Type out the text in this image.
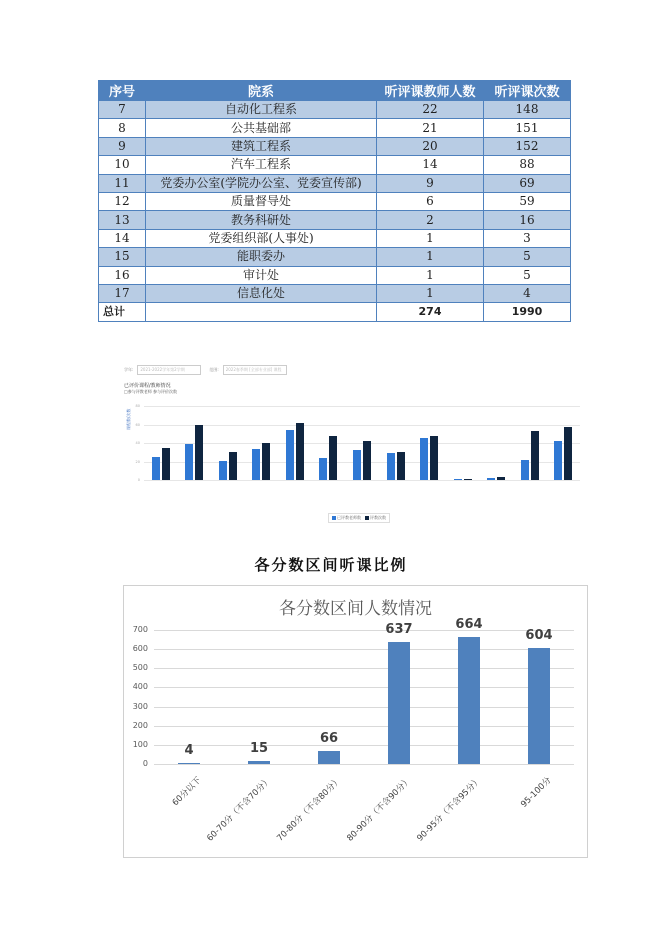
序号	院系	听评课教师人数	听评课次数
7	自动化工程系	22	148
8	公共基础部	21	151
9	建筑工程系	20	152
10	汽车工程系	14	88
11	党委办公室(学院办公室、党委宣传部)	9	69
12	质量督导处	6	59
13	教务科研处	2	16
14	党委组织部(人事处)	1	3
15	能职委办	1	5
16	审计处	1	5
17	信息化处	1	4
总计		274	1990
学年:	2021-2022学年第2学期	范围:	2022春季期 [全部专业部] 课程
已评价课程/教师情况
□参与评教老师 参与评价次数
课程数/次数
80
60
40
20
0
已评教老师数	评教次数
各分数区间听课比例
各分数区间人数情况
700
600
500
400
300
200
100
0
4	15
66
637	664
604
60分以下 60-70分（不含70分） 70-80分（不含80分） 80-90分（不含90分） 90-95分（不含95分）	95-100分
